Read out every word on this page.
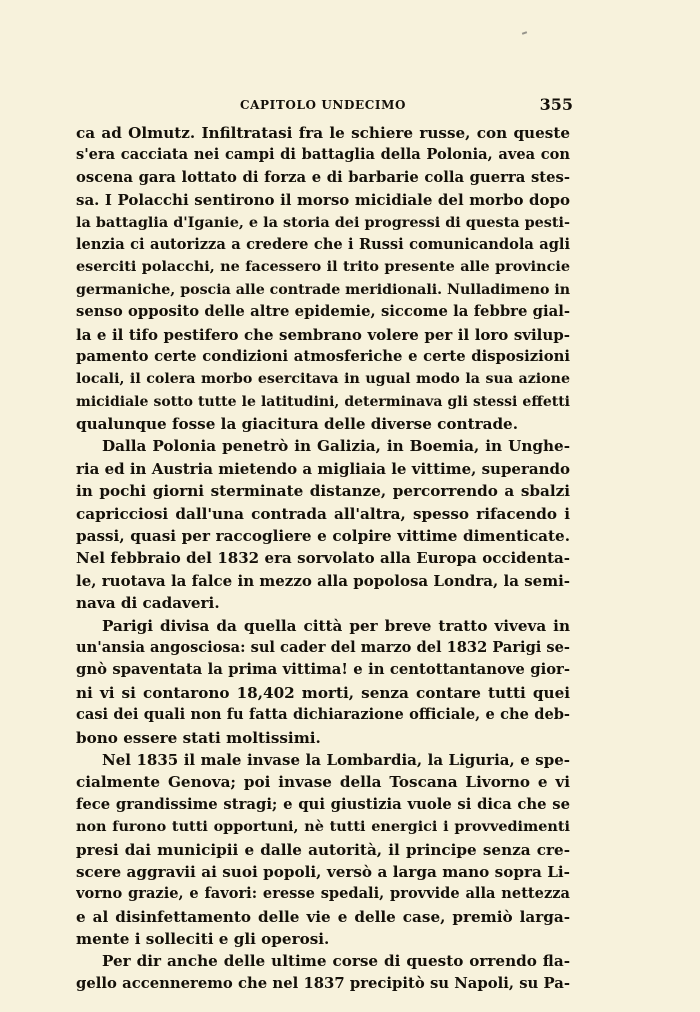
CAPITOLO UNDECIMO	355
ca ad Olmutz. Infiltratasi fra le schiere russe, con queste
s'era cacciata nei campi di battaglia della Polonia, avea con
oscena gara lottato di forza e di barbarie colla guerra stes-
sa. I Polacchi sentirono il morso micidiale del morbo dopo
la battaglia d'Iganie, e la storia dei progressi di questa pesti-
lenzia ci autorizza a credere che i Russi comunicandola agli
eserciti polacchi, ne facessero il trito presente alle provincie
germaniche, poscia alle contrade meridionali. Nulladimeno in
senso opposito delle altre epidemie, siccome la febbre gial-
la e il tifo pestifero che sembrano volere per il loro svilup-
pamento certe condizioni atmosferiche e certe disposizioni
locali, il colera morbo esercitava in ugual modo la sua azione
micidiale sotto tutte le latitudini, determinava gli stessi effetti
qualunque fosse la giacitura delle diverse contrade.
Dalla Polonia penetrò in Galizia, in Boemia, in Unghe-
ria ed in Austria mietendo a migliaia le vittime, superando
in pochi giorni sterminate distanze, percorrendo a sbalzi
capricciosi dall'una contrada all'altra, spesso rifacendo i
passi, quasi per raccogliere e colpire vittime dimenticate.
Nel febbraio del 1832 era sorvolato alla Europa occidenta-
le, ruotava la falce in mezzo alla popolosa Londra, la semi-
nava di cadaveri.
Parigi divisa da quella città per breve tratto viveva in
un'ansia angosciosa: sul cader del marzo del 1832 Parigi se-
gnò spaventata la prima vittima! e in centottantanove gior-
ni vi si contarono 18,402 morti, senza contare tutti quei
casi dei quali non fu fatta dichiarazione officiale, e che deb-
bono essere stati moltissimi.
Nel 1835 il male invase la Lombardia, la Liguria, e spe-
cialmente Genova; poi invase della Toscana Livorno e vi
fece grandissime stragi; e qui giustizia vuole si dica che se
non furono tutti opportuni, nè tutti energici i provvedimenti
presi dai municipii e dalle autorità, il principe senza cre-
scere aggravii ai suoi popoli, versò a larga mano sopra Li-
vorno grazie, e favori: eresse spedali, provvide alla nettezza
e al disinfettamento delle vie e delle case, premiò larga-
mente i solleciti e gli operosi.
Per dir anche delle ultime corse di questo orrendo fla-
gello accenneremo che nel 1837 precipitò su Napoli, su Pa-
